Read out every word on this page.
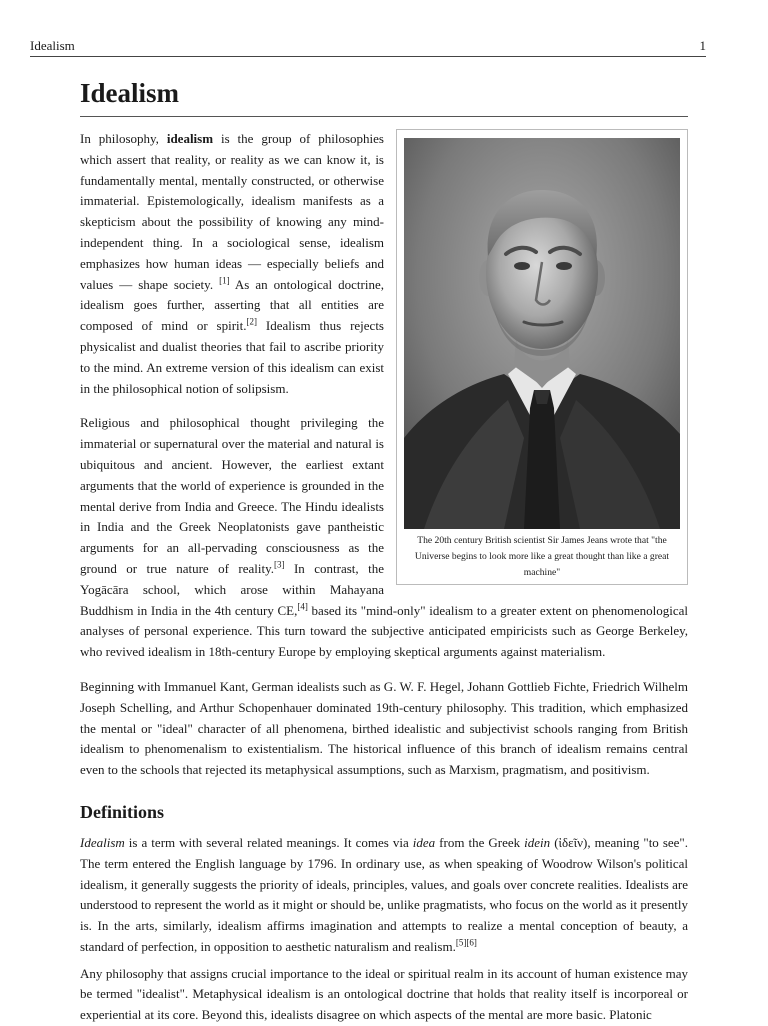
Idealism	1
Idealism
The 20th century British scientist Sir James Jeans wrote that "the Universe begins to look more like a great thought than like a great machine"

In philosophy, idealism is the group of philosophies which assert that reality, or reality as we can know it, is fundamentally mental, mentally constructed, or otherwise immaterial. Epistemologically, idealism manifests as a skepticism about the possibility of knowing any mind-independent thing. In a sociological sense, idealism emphasizes how human ideas — especially beliefs and values — shape society. [1] As an ontological doctrine, idealism goes further, asserting that all entities are composed of mind or spirit.[2] Idealism thus rejects physicalist and dualist theories that fail to ascribe priority to the mind. An extreme version of this idealism can exist in the philosophical notion of solipsism.

Religious and philosophical thought privileging the immaterial or supernatural over the material and natural is ubiquitous and ancient. However, the earliest extant arguments that the world of experience is grounded in the mental derive from India and Greece. The Hindu idealists in India and the Greek Neoplatonists gave pantheistic arguments for an all-pervading consciousness as the ground or true nature of reality.[3] In contrast, the Yogācāra school, which arose within Mahayana Buddhism in India in the 4th century CE,[4] based its "mind-only" idealism to a greater extent on phenomenological analyses of personal experience. This turn toward the subjective anticipated empiricists such as George Berkeley, who revived idealism in 18th-century Europe by employing skeptical arguments against materialism.

Beginning with Immanuel Kant, German idealists such as G. W. F. Hegel, Johann Gottlieb Fichte, Friedrich Wilhelm Joseph Schelling, and Arthur Schopenhauer dominated 19th-century philosophy. This tradition, which emphasized the mental or "ideal" character of all phenomena, birthed idealistic and subjectivist schools ranging from British idealism to phenomenalism to existentialism. The historical influence of this branch of idealism remains central even to the schools that rejected its metaphysical assumptions, such as Marxism, pragmatism, and positivism.

Definitions

Idealism is a term with several related meanings. It comes via idea from the Greek idein (ἰδεῖν), meaning "to see". The term entered the English language by 1796. In ordinary use, as when speaking of Woodrow Wilson's political idealism, it generally suggests the priority of ideals, principles, values, and goals over concrete realities. Idealists are understood to represent the world as it might or should be, unlike pragmatists, who focus on the world as it presently is. In the arts, similarly, idealism affirms imagination and attempts to realize a mental conception of beauty, a standard of perfection, in opposition to aesthetic naturalism and realism.[5][6]

Any philosophy that assigns crucial importance to the ideal or spiritual realm in its account of human existence may be termed "idealist". Metaphysical idealism is an ontological doctrine that holds that reality itself is incorporeal or experiential at its core. Beyond this, idealists disagree on which aspects of the mental are more basic. Platonic
